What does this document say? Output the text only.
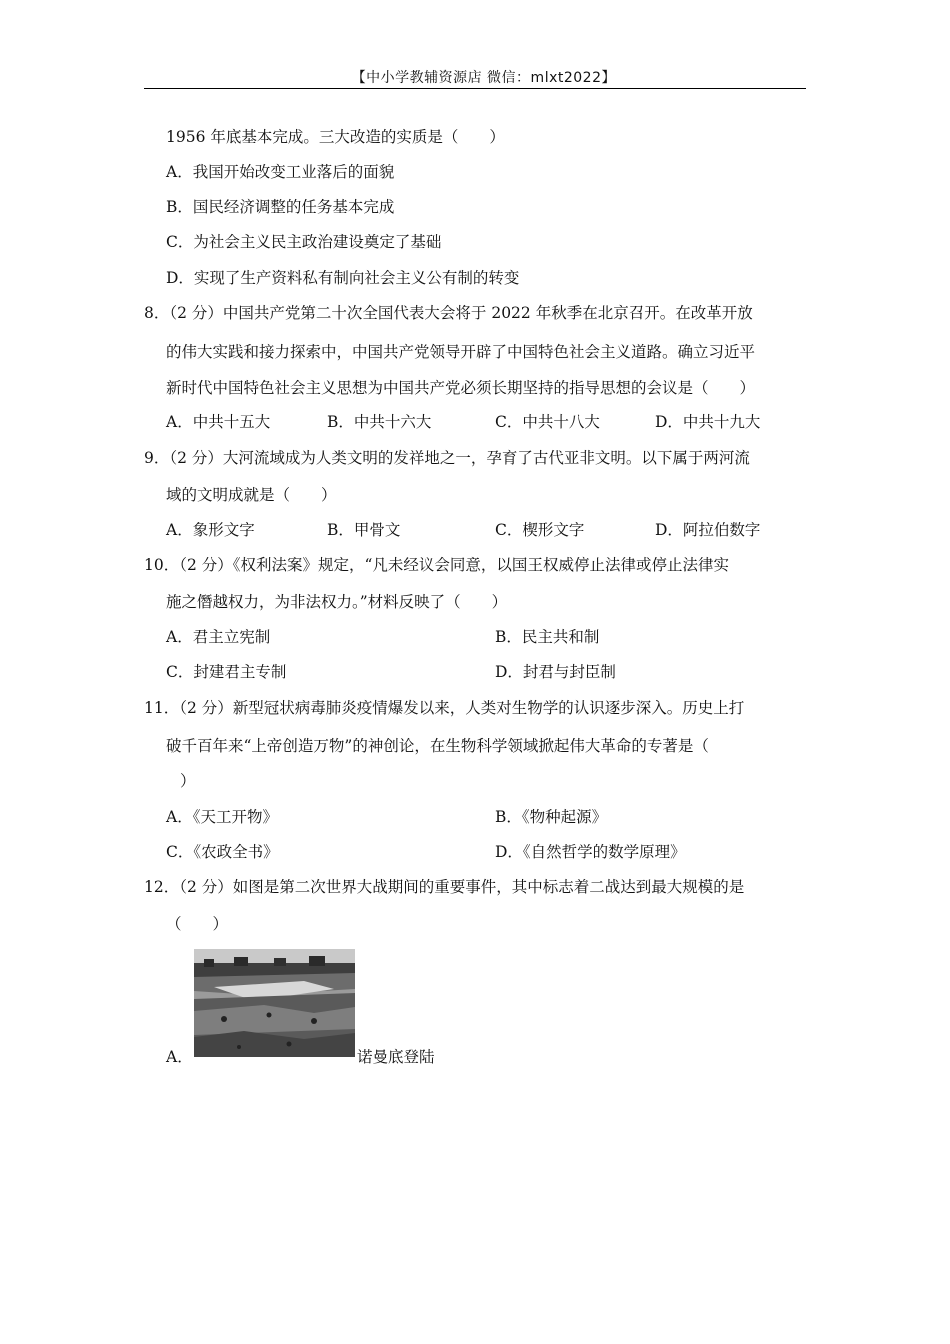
【中小学教辅资源店 微信：mlxt2022】
1956 年底基本完成。三大改造的实质是（　　）
A．我国开始改变工业落后的面貌
B．国民经济调整的任务基本完成
C．为社会主义民主政治建设奠定了基础
D．实现了生产资料私有制向社会主义公有制的转变
8．（2 分）中国共产党第二十次全国代表大会将于 2022 年秋季在北京召开。在改革开放
的伟大实践和接力探索中，中国共产党领导开辟了中国特色社会主义道路。确立习近平
新时代中国特色社会主义思想为中国共产党必须长期坚持的指导思想的会议是（　　）
A．中共十五大	B．中共十六大	C．中共十八大	D．中共十九大
9．（2 分）大河流域成为人类文明的发祥地之一，孕育了古代亚非文明。以下属于两河流
域的文明成就是（　　）
A．象形文字	B．甲骨文	C．楔形文字	D．阿拉伯数字
10．（2 分）《权利法案》规定，“凡未经议会同意，以国王权威停止法律或停止法律实
施之僭越权力，为非法权力。”材料反映了（　　）
A．君主立宪制	B．民主共和制
C．封建君主专制	D．封君与封臣制
11．（2 分）新型冠状病毒肺炎疫情爆发以来，人类对生物学的认识逐步深入。历史上打
破千百年来“上帝创造万物”的神创论，在生物科学领域掀起伟大革命的专著是（
）
A．《天工开物》	B．《物种起源》
C．《农政全书》	D．《自然哲学的数学原理》
12．（2 分）如图是第二次世界大战期间的重要事件，其中标志着二战达到最大规模的是
（　　）
A．	诺曼底登陆
